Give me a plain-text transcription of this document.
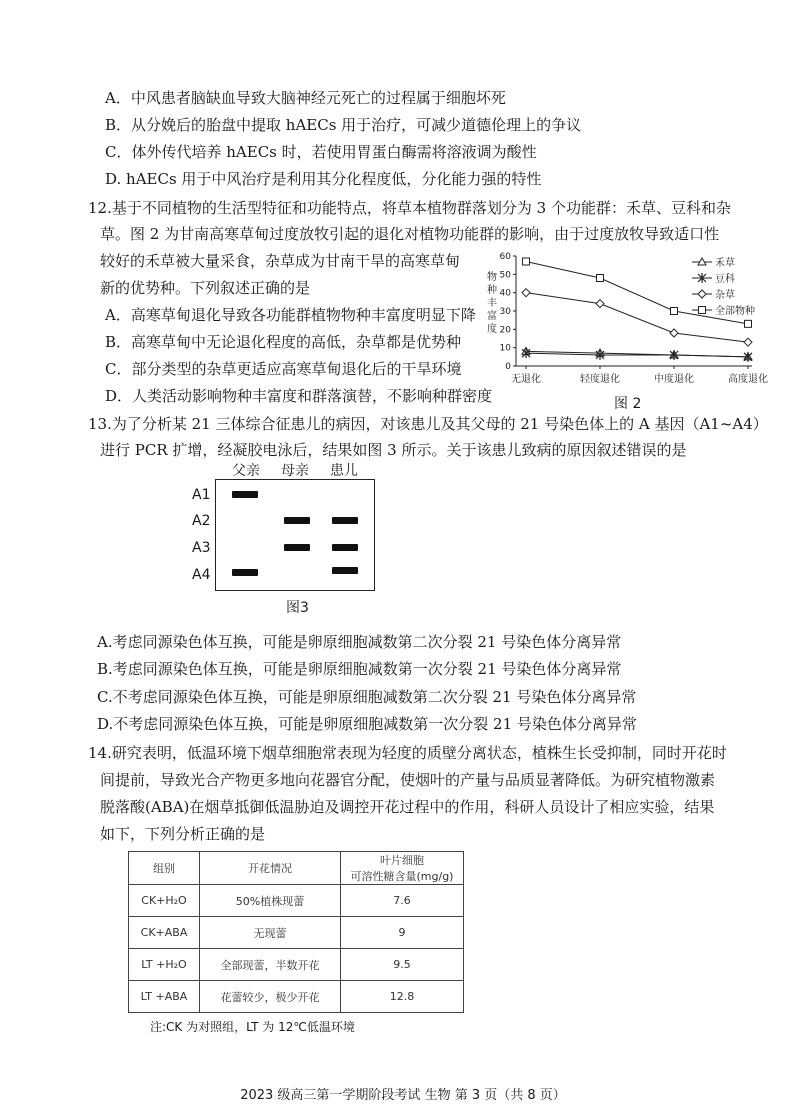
A．中风患者脑缺血导致大脑神经元死亡的过程属于细胞坏死
B．从分娩后的胎盘中提取 hAECs 用于治疗，可减少道德伦理上的争议
C．体外传代培养 hAECs 时，若使用胃蛋白酶需将溶液调为酸性
D. hAECs 用于中风治疗是利用其分化程度低，分化能力强的特性
12.基于不同植物的生活型特征和功能特点，将草本植物群落划分为 3 个功能群：禾草、豆科和杂
草。图 2 为甘南高寒草甸过度放牧引起的退化对植物功能群的影响，由于过度放牧导致适口性
较好的禾草被大量采食，杂草成为甘南干旱的高寒草甸
新的优势种。下列叙述正确的是
A．高寒草甸退化导致各功能群植物物种丰富度明显下降
B．高寒草甸中无论退化程度的高低，杂草都是优势种
C．部分类型的杂草更适应高寒草甸退化后的干旱环境
D．人类活动影响物种丰富度和群落演替，不影响种群密度
0
10
20
30
40
50
60
无退化	轻度退化	中度退化	高度退化
物
种
丰
富
度
禾草
豆科
杂草
全部物种
图 2
13.为了分析某 21 三体综合征患儿的病因，对该患儿及其父母的 21 号染色体上的 A 基因（A1~A4）
进行 PCR 扩增，经凝胶电泳后，结果如图 3 所示。关于该患儿致病的原因叙述错误的是
父亲 母亲 患儿
A1
A2
A3
A4
图3
A.考虑同源染色体互换，可能是卵原细胞减数第二次分裂 21 号染色体分离异常
B.考虑同源染色体互换，可能是卵原细胞减数第一次分裂 21 号染色体分离异常
C.不考虑同源染色体互换，可能是卵原细胞减数第二次分裂 21 号染色体分离异常
D.不考虑同源染色体互换，可能是卵原细胞减数第一次分裂 21 号染色体分离异常
14.研究表明，低温环境下烟草细胞常表现为轻度的质壁分离状态，植株生长受抑制，同时开花时
间提前，导致光合产物更多地向花器官分配，使烟叶的产量与品质显著降低。为研究植物激素
脱落酸(ABA)在烟草抵御低温胁迫及调控开花过程中的作用，科研人员设计了相应实验，结果
如下，下列分析正确的是
组别	开花情况	叶片细胞
可溶性糖含量(mg/g)

CK+H₂O	50%植株现蕾	7.6
CK+ABA	无现蕾	9
LT +H₂O	全部现蕾，半数开花	9.5
LT +ABA	花蕾较少，极少开花	12.8
注:CK 为对照组，LT 为 12℃低温环境
2023 级高三第一学期阶段考试 生物 第 3 页（共 8 页）
